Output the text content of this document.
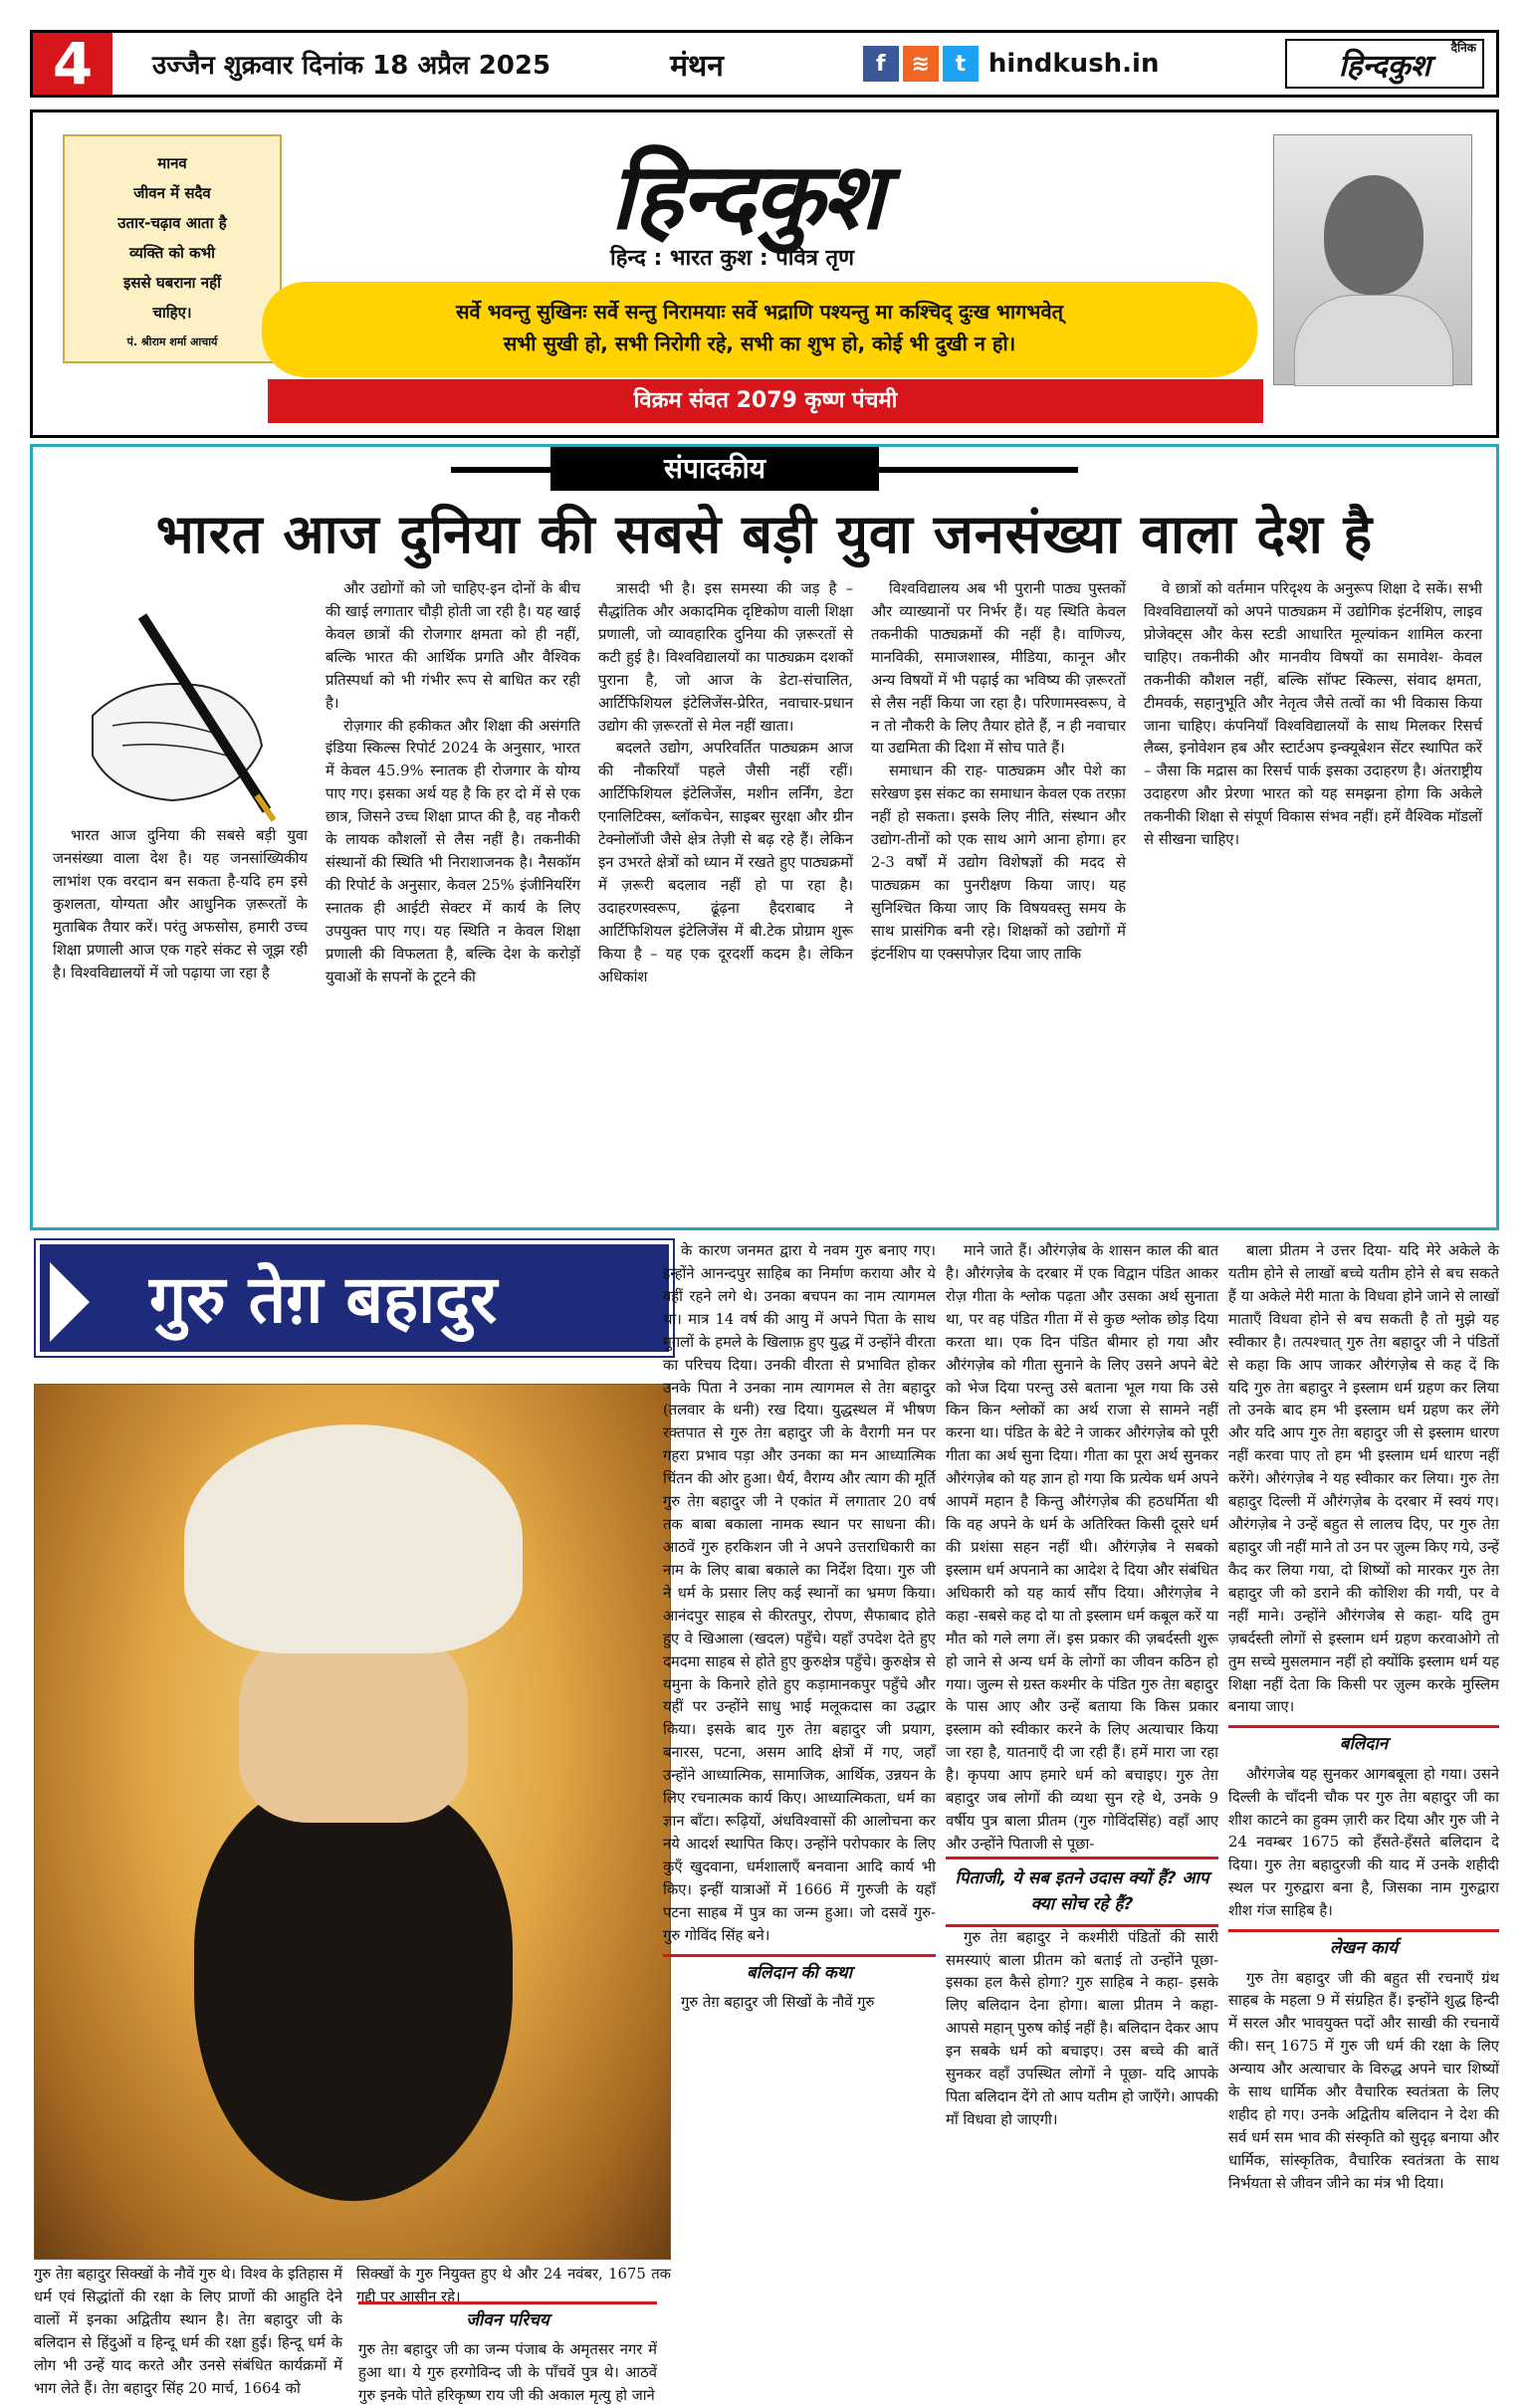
4	उज्जैन शुक्रवार दिनांक 18 अप्रैल 2025	मंथन	f	≋	t hindkush.in
दैनिक
हिन्दकुश
मानव
जीवन में सदैव
उतार-चढ़ाव आता है
व्यक्ति को कभी
इससे घबराना नहीं
चाहिए।
पं. श्रीराम शर्मा आचार्य
हिन्दकुश
हिन्द : भारत कुश : पवित्र तृण
सर्वे भवन्तु सुखिनः सर्वे सन्तु निरामयाः सर्वे भद्राणि पश्यन्तु मा कश्चिद् दुःख भागभवेत्
सभी सुखी हो, सभी निरोगी रहे, सभी का शुभ हो, कोई भी दुखी न हो।
विक्रम संवत 2079 कृष्ण पंचमी
संपादकीय
भारत आज दुनिया की सबसे बड़ी युवा जनसंख्या वाला देश है

भारत आज दुनिया की सबसे बड़ी युवा जनसंख्या वाला देश है। यह जनसांख्यिकीय लाभांश एक वरदान बन सकता है-यदि हम इसे कुशलता, योग्यता और आधुनिक ज़रूरतों के मुताबिक तैयार करें। परंतु अफसोस, हमारी उच्च शिक्षा प्रणाली आज एक गहरे संकट से जूझ रही है। विश्वविद्यालयों में जो पढ़ाया जा रहा है

और उद्योगों को जो चाहिए-इन दोनों के बीच की खाई लगातार चौड़ी होती जा रही है। यह खाई केवल छात्रों की रोजगार क्षमता को ही नहीं, बल्कि भारत की आर्थिक प्रगति और वैश्विक प्रतिस्पर्धा को भी गंभीर रूप से बाधित कर रही है।

रोज़गार की हकीकत और शिक्षा की असंगति इंडिया स्किल्स रिपोर्ट 2024 के अनुसार, भारत में केवल 45.9% स्नातक ही रोजगार के योग्य पाए गए। इसका अर्थ यह है कि हर दो में से एक छात्र, जिसने उच्च शिक्षा प्राप्त की है, वह नौकरी के लायक कौशलों से लैस नहीं है। तकनीकी संस्थानों की स्थिति भी निराशाजनक है। नैसकॉम की रिपोर्ट के अनुसार, केवल 25% इंजीनियरिंग स्नातक ही आईटी सेक्टर में कार्य के लिए उपयुक्त पाए गए। यह स्थिति न केवल शिक्षा प्रणाली की विफलता है, बल्कि देश के करोड़ों युवाओं के सपनों के टूटने की

त्रासदी भी है। इस समस्या की जड़ है – सैद्धांतिक और अकादमिक दृष्टिकोण वाली शिक्षा प्रणाली, जो व्यावहारिक दुनिया की ज़रूरतों से कटी हुई है। विश्वविद्यालयों का पाठ्यक्रम दशकों पुराना है, जो आज के डेटा-संचालित, आर्टिफिशियल इंटेलिजेंस-प्रेरित, नवाचार-प्रधान उद्योग की ज़रूरतों से मेल नहीं खाता।

बदलते उद्योग, अपरिवर्तित पाठ्यक्रम आज की नौकरियाँ पहले जैसी नहीं रहीं। आर्टिफिशियल इंटेलिजेंस, मशीन लर्निंग, डेटा एनालिटिक्स, ब्लॉकचेन, साइबर सुरक्षा और ग्रीन टेक्नोलॉजी जैसे क्षेत्र तेज़ी से बढ़ रहे हैं। लेकिन इन उभरते क्षेत्रों को ध्यान में रखते हुए पाठ्यक्रमों में ज़रूरी बदलाव नहीं हो पा रहा है। उदाहरणस्वरूप, ढूंढ़ना हैदराबाद ने आर्टिफिशियल इंटेलिजेंस में बी.टेक प्रोग्राम शुरू किया है – यह एक दूरदर्शी कदम है। लेकिन अधिकांश

विश्वविद्यालय अब भी पुरानी पाठ्य पुस्तकों और व्याख्यानों पर निर्भर हैं। यह स्थिति केवल तकनीकी पाठ्यक्रमों की नहीं है। वाणिज्य, मानविकी, समाजशास्त्र, मीडिया, कानून और अन्य विषयों में भी पढ़ाई का भविष्य की ज़रूरतों से लैस नहीं किया जा रहा है। परिणामस्वरूप, वे न तो नौकरी के लिए तैयार होते हैं, न ही नवाचार या उद्यमिता की दिशा में सोच पाते हैं।

समाधान की राह- पाठ्यक्रम और पेशे का सरेखण इस संकट का समाधान केवल एक तरफ़ा नहीं हो सकता। इसके लिए नीति, संस्थान और उद्योग-तीनों को एक साथ आगे आना होगा। हर 2-3 वर्षों में उद्योग विशेषज्ञों की मदद से पाठ्यक्रम का पुनरीक्षण किया जाए। यह सुनिश्चित किया जाए कि विषयवस्तु समय के साथ प्रासंगिक बनी रहे। शिक्षकों को उद्योगों में इंटर्नशिप या एक्सपोज़र दिया जाए ताकि

वे छात्रों को वर्तमान परिदृश्य के अनुरूप शिक्षा दे सकें। सभी विश्वविद्यालयों को अपने पाठ्यक्रम में उद्योगिक इंटर्नशिप, लाइव प्रोजेक्ट्स और केस स्टडी आधारित मूल्यांकन शामिल करना चाहिए। तकनीकी और मानवीय विषयों का समावेश- केवल तकनीकी कौशल नहीं, बल्कि सॉफ्ट स्किल्स, संवाद क्षमता, टीमवर्क, सहानुभूति और नेतृत्व जैसे तत्वों का भी विकास किया जाना चाहिए। कंपनियाँ विश्वविद्यालयों के साथ मिलकर रिसर्च लैब्स, इनोवेशन हब और स्टार्टअप इन्क्यूबेशन सेंटर स्थापित करें – जैसा कि मद्रास का रिसर्च पार्क इसका उदाहरण है। अंतराष्ट्रीय उदाहरण और प्रेरणा भारत को यह समझना होगा कि अकेले तकनीकी शिक्षा से संपूर्ण विकास संभव नहीं। हमें वैश्विक मॉडलों से सीखना चाहिए।

गुरु तेग़ बहादुर

गुरु तेग़ बहादुर सिक्खों के नौवें गुरु थे। विश्व के इतिहास में धर्म एवं सिद्धांतों की रक्षा के लिए प्राणों की आहुति देने वालों में इनका अद्वितीय स्थान है। तेग़ बहादुर जी के बलिदान से हिंदुओं व हिन्दू धर्म की रक्षा हुई। हिन्दू धर्म के लोग भी उन्हें याद करते और उनसे संबंधित कार्यक्रमों में भाग लेते हैं। तेग़ बहादुर सिंह 20 मार्च, 1664 को

सिक्खों के गुरु नियुक्त हुए थे और 24 नवंबर, 1675 तक गद्दी पर आसीन रहे।

के कारण जनमत द्वारा ये नवम गुरु बनाए गए। इन्होंने आनन्दपुर साहिब का निर्माण कराया और ये वहीं रहने लगे थे। उनका बचपन का नाम त्यागमल था। मात्र 14 वर्ष की आयु में अपने पिता के साथ मुग़लों के हमले के खिलाफ़ हुए युद्ध में उन्होंने वीरता का परिचय दिया। उनकी वीरता से प्रभावित होकर उनके पिता ने उनका नाम त्यागमल से तेग़ बहादुर (तलवार के धनी) रख दिया। युद्धस्थल में भीषण रक्तपात से गुरु तेग़ बहादुर जी के वैरागी मन पर गहरा प्रभाव पड़ा और उनका का मन आध्यात्मिक चिंतन की ओर हुआ। धैर्य, वैराग्य और त्याग की मूर्ति गुरु तेग़ बहादुर जी ने एकांत में लगातार 20 वर्ष तक बाबा बकाला नामक स्थान पर साधना की। आठवें गुरु हरकिशन जी ने अपने उत्तराधिकारी का नाम के लिए बाबा बकाले का निर्देश दिया। गुरु जी ने धर्म के प्रसार लिए कई स्थानों का भ्रमण किया। आनंदपुर साहब से कीरतपुर, रोपण, सैफाबाद होते हुए वे खिआला (खदल) पहुँचे। यहाँ उपदेश देते हुए दमदमा साहब से होते हुए कुरुक्षेत्र पहुँचे। कुरुक्षेत्र से यमुना के किनारे होते हुए कड़ामानकपुर पहुँचे और यहीं पर उन्होंने साधु भाई मलूकदास का उद्धार किया। इसके बाद गुरु तेग़ बहादुर जी प्रयाग, बनारस, पटना, असम आदि क्षेत्रों में गए, जहाँ उन्होंने आध्यात्मिक, सामाजिक, आर्थिक, उन्नयन के लिए रचनात्मक कार्य किए। आध्यात्मिकता, धर्म का ज्ञान बाँटा। रूढ़ियों, अंधविश्वासों की आलोचना कर नये आदर्श स्थापित किए। उन्होंने परोपकार के लिए कुएँ खुदवाना, धर्मशालाएँ बनवाना आदि कार्य भी किए। इन्हीं यात्राओं में 1666 में गुरुजी के यहाँ पटना साहब में पुत्र का जन्म हुआ। जो दसवें गुरु- गुरु गोविंद सिंह बने।

बलिदान की कथा

गुरु तेग़ बहादुर जी सिखों के नौवें गुरु

माने जाते हैं। औरंगज़ेब के शासन काल की बात है। औरंगज़ेब के दरबार में एक विद्वान पंडित आकर रोज़ गीता के श्लोक पढ़ता और उसका अर्थ सुनाता था, पर वह पंडित गीता में से कुछ श्लोक छोड़ दिया करता था। एक दिन पंडित बीमार हो गया और औरंगज़ेब को गीता सुनाने के लिए उसने अपने बेटे को भेज दिया परन्तु उसे बताना भूल गया कि उसे किन किन श्लोकों का अर्थ राजा से सामने नहीं करना था। पंडित के बेटे ने जाकर औरंगज़ेब को पूरी गीता का अर्थ सुना दिया। गीता का पूरा अर्थ सुनकर औरंगज़ेब को यह ज्ञान हो गया कि प्रत्येक धर्म अपने आपमें महान है किन्तु औरंगज़ेब की हठधर्मिता थी कि वह अपने के धर्म के अतिरिक्त किसी दूसरे धर्म की प्रशंसा सहन नहीं थी। औरंगज़ेब ने सबको इस्लाम धर्म अपनाने का आदेश दे दिया और संबंधित अधिकारी को यह कार्य सौंप दिया। औरंगज़ेब ने कहा -सबसे कह दो या तो इस्लाम धर्म कबूल करें या मौत को गले लगा लें। इस प्रकार की ज़बर्दस्ती शुरू हो जाने से अन्य धर्म के लोगों का जीवन कठिन हो गया। जुल्म से ग्रस्त कश्मीर के पंडित गुरु तेग़ बहादुर के पास आए और उन्हें बताया कि किस प्रकार इस्लाम को स्वीकार करने के लिए अत्याचार किया जा रहा है, यातनाएँ दी जा रही हैं। हमें मारा जा रहा है। कृपया आप हमारे धर्म को बचाइए। गुरु तेग़ बहादुर जब लोगों की व्यथा सुन रहे थे, उनके 9 वर्षीय पुत्र बाला प्रीतम (गुरु गोविंदसिंह) वहाँ आए और उन्होंने पिताजी से पूछा-

पिताजी, ये सब इतने उदास क्यों हैं? आप क्या सोच रहे हैं?

गुरु तेग़ बहादुर ने कश्मीरी पंडितों की सारी समस्याएं बाला प्रीतम को बताई तो उन्होंने पूछा- इसका हल कैसे होगा? गुरु साहिब ने कहा- इसके लिए बलिदान देना होगा। बाला प्रीतम ने कहा- आपसे महान् पुरुष कोई नहीं है। बलिदान देकर आप इन सबके धर्म को बचाइए। उस बच्चे की बातें सुनकर वहाँ उपस्थित लोगों ने पूछा- यदि आपके पिता बलिदान देंगे तो आप यतीम हो जाएँगे। आपकी माँ विधवा हो जाएगी।

बाला प्रीतम ने उत्तर दिया- यदि मेरे अकेले के यतीम होने से लाखों बच्चे यतीम होने से बच सकते हैं या अकेले मेरी माता के विधवा होने जाने से लाखों माताएँ विधवा होने से बच सकती है तो मुझे यह स्वीकार है। तत्पश्चात् गुरु तेग़ बहादुर जी ने पंडितों से कहा कि आप जाकर औरंगज़ेब से कह दें कि यदि गुरु तेग़ बहादुर ने इस्लाम धर्म ग्रहण कर लिया तो उनके बाद हम भी इस्लाम धर्म ग्रहण कर लेंगे और यदि आप गुरु तेग़ बहादुर जी से इस्लाम धारण नहीं करवा पाए तो हम भी इस्लाम धर्म धारण नहीं करेंगे। औरंगज़ेब ने यह स्वीकार कर लिया। गुरु तेग़ बहादुर दिल्ली में औरंगज़ेब के दरबार में स्वयं गए। औरंगज़ेब ने उन्हें बहुत से लालच दिए, पर गुरु तेग़ बहादुर जी नहीं माने तो उन पर ज़ुल्म किए गये, उन्हें कैद कर लिया गया, दो शिष्यों को मारकर गुरु तेग़ बहादुर जी को डराने की कोशिश की गयी, पर वे नहीं माने। उन्होंने औरंगजेब से कहा- यदि तुम ज़बर्दस्ती लोगों से इस्लाम धर्म ग्रहण करवाओगे तो तुम सच्चे मुसलमान नहीं हो क्योंकि इस्लाम धर्म यह शिक्षा नहीं देता कि किसी पर ज़ुल्म करके मुस्लिम बनाया जाए।

बलिदान

औरंगजेब यह सुनकर आगबबूला हो गया। उसने दिल्ली के चाँदनी चौक पर गुरु तेग़ बहादुर जी का शीश काटने का हुक्म ज़ारी कर दिया और गुरु जी ने 24 नवम्बर 1675 को हँसते-हँसते बलिदान दे दिया। गुरु तेग़ बहादुरजी की याद में उनके शहीदी स्थल पर गुरुद्वारा बना है, जिसका नाम गुरुद्वारा शीश गंज साहिब है।

लेखन कार्य

गुरु तेग़ बहादुर जी की बहुत सी रचनाएँ ग्रंथ साहब के महला 9 में संग्रहित हैं। इन्होंने शुद्ध हिन्दी में सरल और भावयुक्त पदों और साखी की रचनायें की। सन् 1675 में गुरु जी धर्म की रक्षा के लिए अन्याय और अत्याचार के विरुद्ध अपने चार शिष्यों के साथ धार्मिक और वैचारिक स्वतंत्रता के लिए शहीद हो गए। उनके अद्वितीय बलिदान ने देश की सर्व धर्म सम भाव की संस्कृति को सुदृढ़ बनाया और धार्मिक, सांस्कृतिक, वैचारिक स्वतंत्रता के साथ निर्भयता से जीवन जीने का मंत्र भी दिया।

जीवन परिचय

गुरु तेग़ बहादुर जी का जन्म पंजाब के अमृतसर नगर में हुआ था। ये गुरु हरगोविन्द जी के पाँचवें पुत्र थे। आठवें गुरु इनके पोते हरिकृष्ण राय जी की अकाल मृत्यु हो जाने
